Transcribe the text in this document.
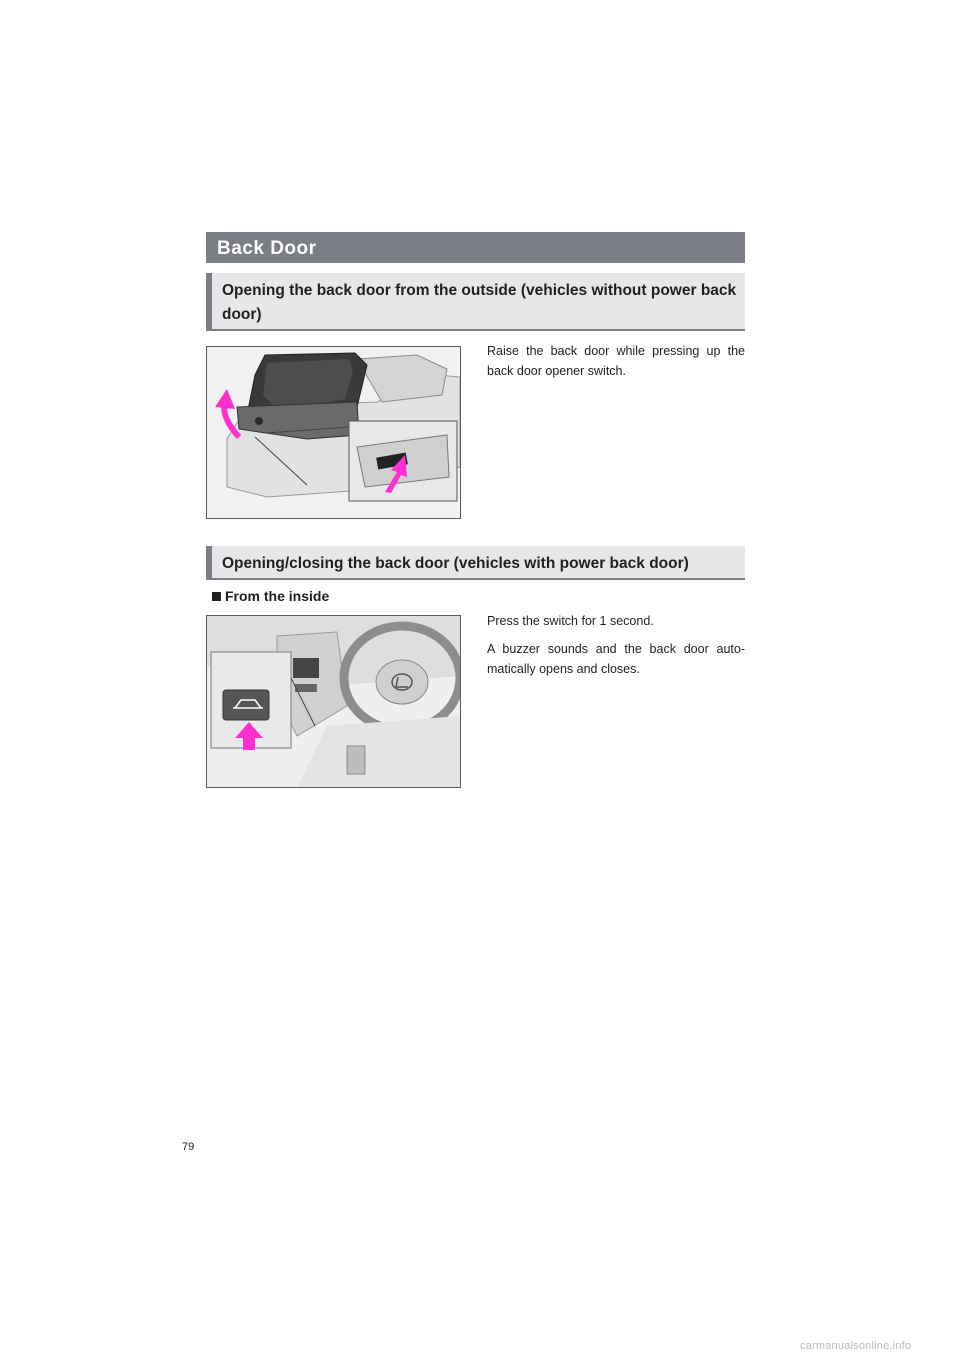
Back Door
Opening the back door from the outside (vehicles without power back door)

Raise the back door while pressing up the back door opener switch.

Opening/closing the back door (vehicles with power back door)
From the inside

Press the switch for 1 second.

A buzzer sounds and the back door auto-matically opens and closes.

79
carmanualsonline.info
